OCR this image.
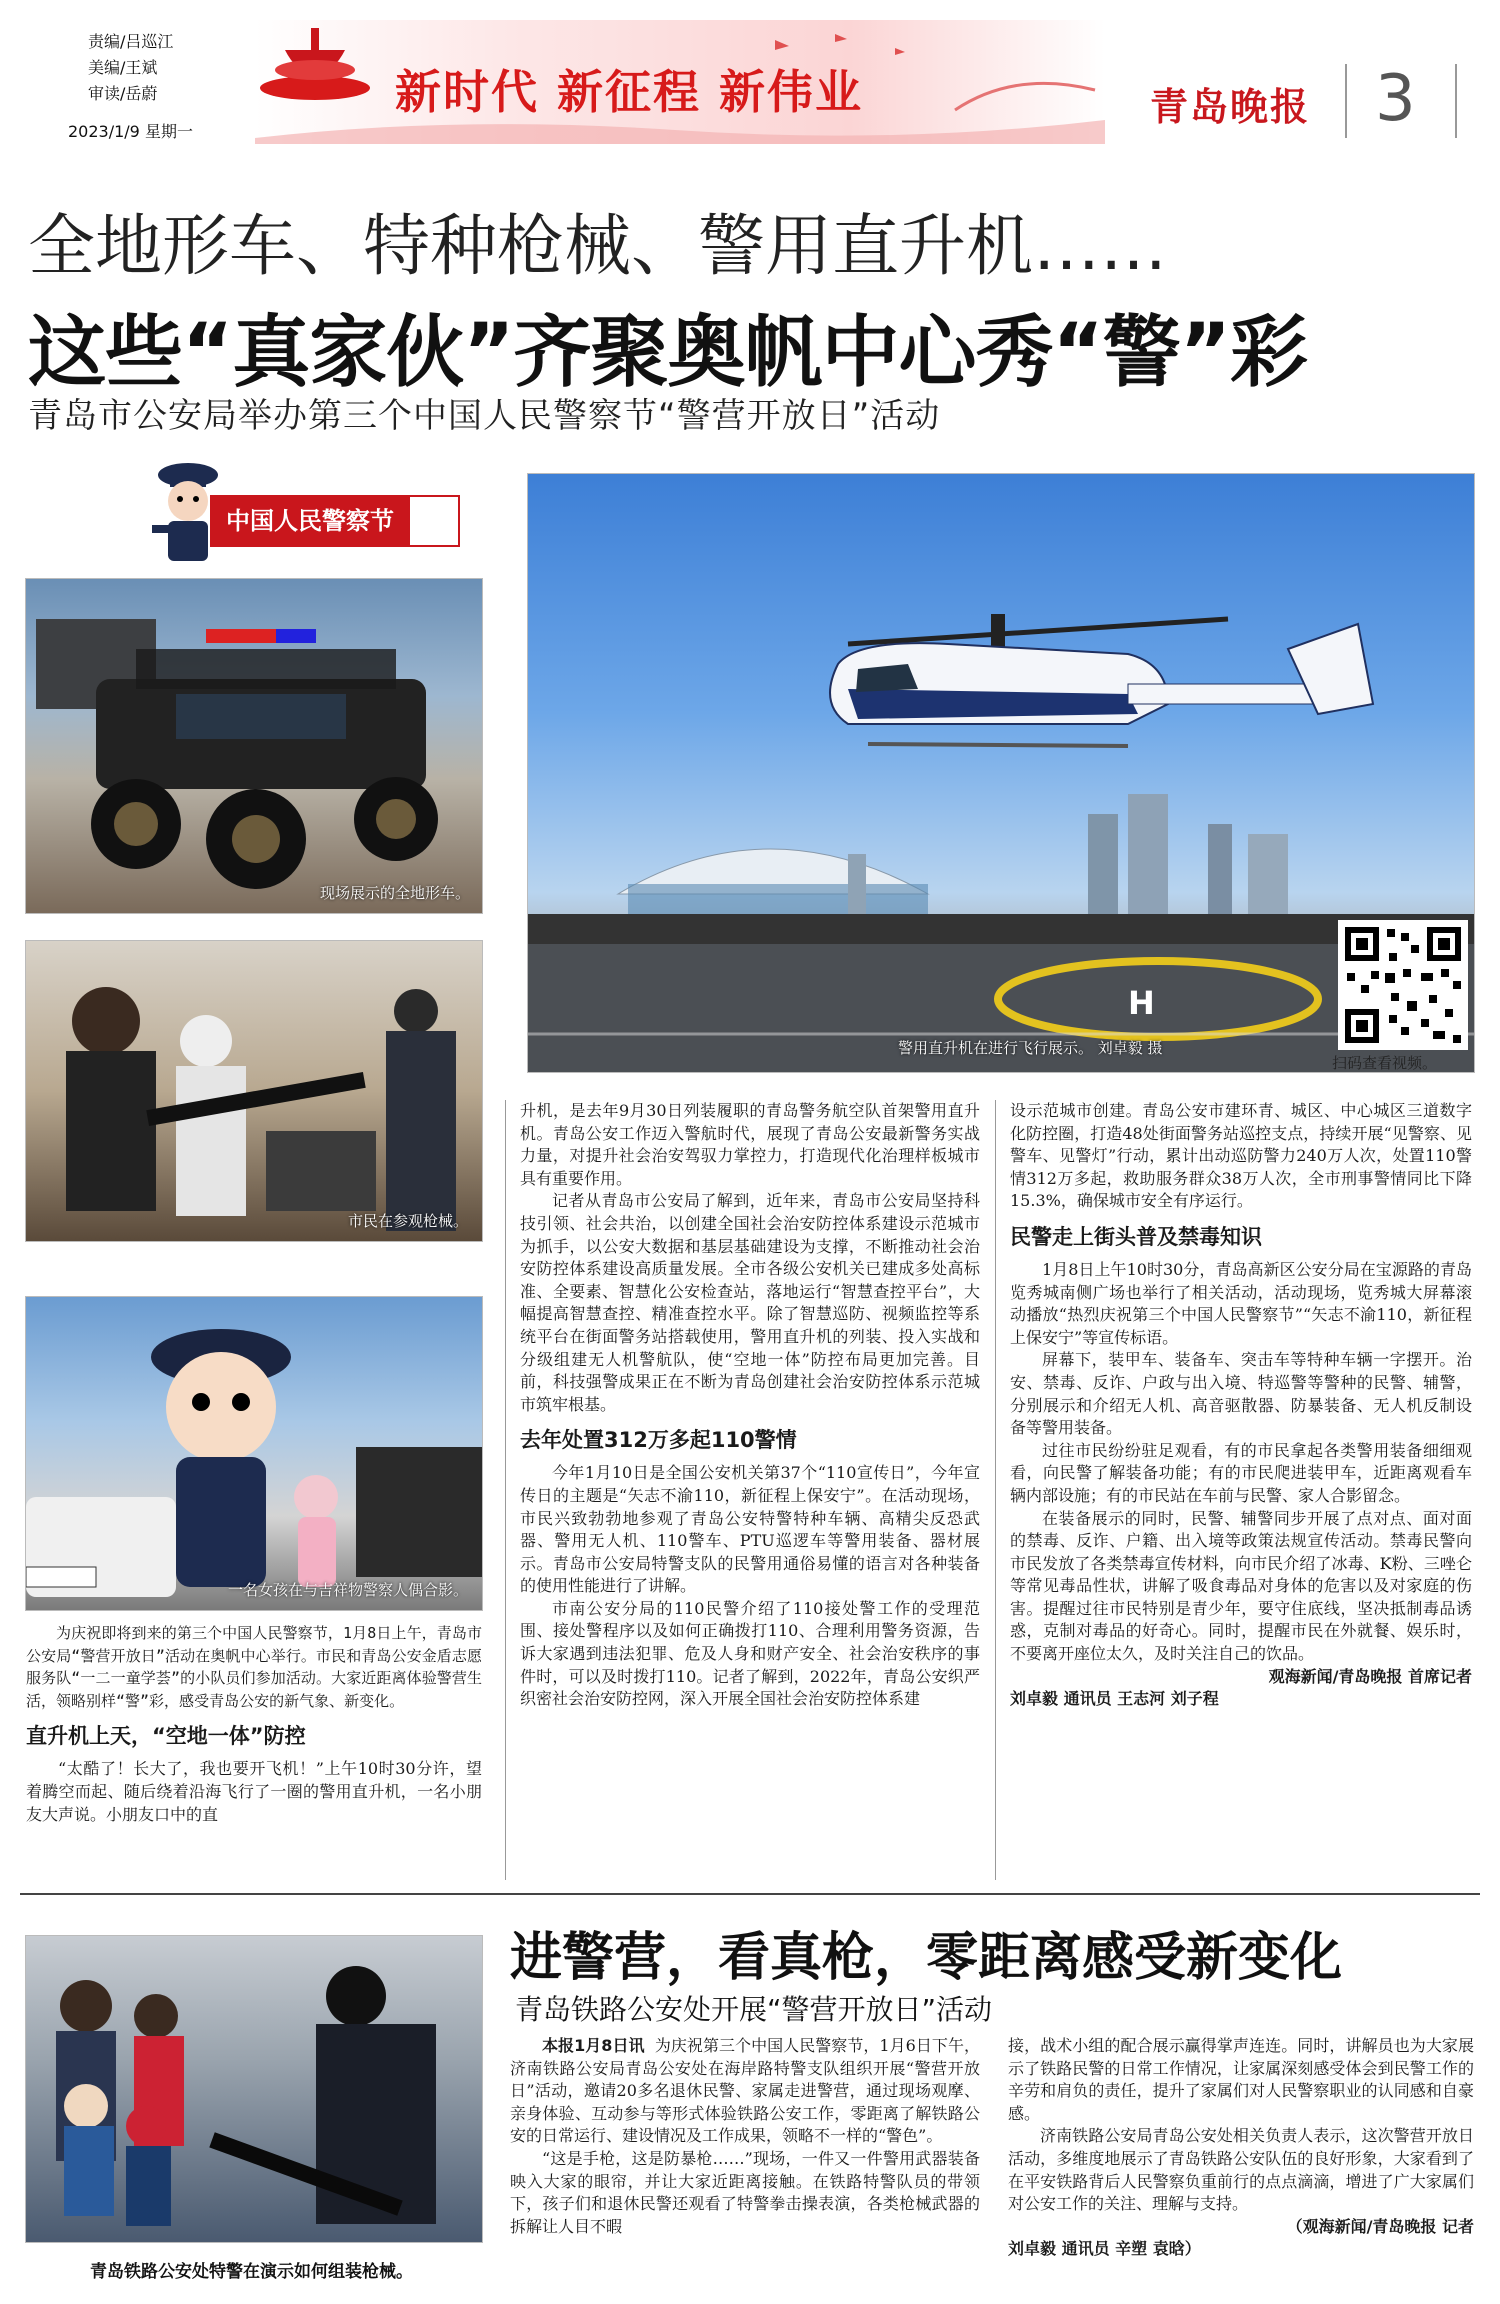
责编/吕巡江
美编/王斌
审读/岳蔚
2023/1/9 星期一
新时代 新征程 新伟业	青岛晚报 3
全地形车、特种枪械、警用直升机……
这些“真家伙”齐聚奥帆中心秀“警”彩
青岛市公安局举办第三个中国人民警察节“警营开放日”活动
中国人民警察节
现场展示的全地形车。
市民在参观枪械。
一名女孩在与吉祥物警察人偶合影。
H
警用直升机在进行飞行展示。 刘卓毅 摄
扫码查看视频。

为庆祝即将到来的第三个中国人民警察节，1月8日上午，青岛市公安局“警营开放日”活动在奥帆中心举行。市民和青岛公安金盾志愿服务队“一二一童学荟”的小队员们参加活动。大家近距离体验警营生活，领略别样“警”彩，感受青岛公安的新气象、新变化。

直升机上天，“空地一体”防控

“太酷了！长大了，我也要开飞机！”上午10时30分许，望着腾空而起、随后绕着沿海飞行了一圈的警用直升机，一名小朋友大声说。小朋友口中的直

升机，是去年9月30日列装履职的青岛警务航空队首架警用直升机。青岛公安工作迈入警航时代，展现了青岛公安最新警务实战力量，对提升社会治安驾驭力掌控力，打造现代化治理样板城市具有重要作用。

记者从青岛市公安局了解到，近年来，青岛市公安局坚持科技引领、社会共治，以创建全国社会治安防控体系建设示范城市为抓手，以公安大数据和基层基础建设为支撑，不断推动社会治安防控体系建设高质量发展。全市各级公安机关已建成多处高标准、全要素、智慧化公安检查站，落地运行“智慧查控平台”，大幅提高智慧查控、精准查控水平。除了智慧巡防、视频监控等系统平台在街面警务站搭载使用，警用直升机的列装、投入实战和分级组建无人机警航队，使“空地一体”防控布局更加完善。目前，科技强警成果正在不断为青岛创建社会治安防控体系示范城市筑牢根基。

去年处置312万多起110警情

今年1月10日是全国公安机关第37个“110宣传日”，今年宣传日的主题是“矢志不渝110，新征程上保安宁”。在活动现场，市民兴致勃勃地参观了青岛公安特警特种车辆、高精尖反恐武器、警用无人机、110警车、PTU巡逻车等警用装备、器材展示。青岛市公安局特警支队的民警用通俗易懂的语言对各种装备的使用性能进行了讲解。

市南公安分局的110民警介绍了110接处警工作的受理范围、接处警程序以及如何正确拨打110、合理利用警务资源，告诉大家遇到违法犯罪、危及人身和财产安全、社会治安秩序的事件时，可以及时拨打110。记者了解到，2022年，青岛公安织严织密社会治安防控网，深入开展全国社会治安防控体系建

设示范城市创建。青岛公安市建环青、城区、中心城区三道数字化防控圈，打造48处街面警务站巡控支点，持续开展“见警察、见警车、见警灯”行动，累计出动巡防警力240万人次，处置110警情312万多起，救助服务群众38万人次，全市刑事警情同比下降15.3%，确保城市安全有序运行。

民警走上街头普及禁毒知识

1月8日上午10时30分，青岛高新区公安分局在宝源路的青岛览秀城南侧广场也举行了相关活动，活动现场，览秀城大屏幕滚动播放“热烈庆祝第三个中国人民警察节”“矢志不渝110，新征程上保安宁”等宣传标语。

屏幕下，装甲车、装备车、突击车等特种车辆一字摆开。治安、禁毒、反诈、户政与出入境、特巡警等警种的民警、辅警，分别展示和介绍无人机、高音驱散器、防暴装备、无人机反制设备等警用装备。

过往市民纷纷驻足观看，有的市民拿起各类警用装备细细观看，向民警了解装备功能；有的市民爬进装甲车，近距离观看车辆内部设施；有的市民站在车前与民警、家人合影留念。

在装备展示的同时，民警、辅警同步开展了点对点、面对面的禁毒、反诈、户籍、出入境等政策法规宣传活动。禁毒民警向市民发放了各类禁毒宣传材料，向市民介绍了冰毒、K粉、三唑仑等常见毒品性状，讲解了吸食毒品对身体的危害以及对家庭的伤害。提醒过往市民特别是青少年，要守住底线，坚决抵制毒品诱惑，克制对毒品的好奇心。同时，提醒市民在外就餐、娱乐时，不要离开座位太久，及时关注自己的饮品。

观海新闻/青岛晚报 首席记者
刘卓毅 通讯员 王志河 刘子程
青岛铁路公安处特警在演示如何组装枪械。
进警营，看真枪，零距离感受新变化
青岛铁路公安处开展“警营开放日”活动

本报1月8日讯 为庆祝第三个中国人民警察节，1月6日下午，济南铁路公安局青岛公安处在海岸路特警支队组织开展“警营开放日”活动，邀请20多名退休民警、家属走进警营，通过现场观摩、亲身体验、互动参与等形式体验铁路公安工作，零距离了解铁路公安的日常运行、建设情况及工作成果，领略不一样的“警色”。

“这是手枪，这是防暴枪……”现场，一件又一件警用武器装备映入大家的眼帘，并让大家近距离接触。在铁路特警队员的带领下，孩子们和退休民警还观看了特警拳击操表演，各类枪械武器的拆解让人目不暇

接，战术小组的配合展示赢得掌声连连。同时，讲解员也为大家展示了铁路民警的日常工作情况，让家属深刻感受体会到民警工作的辛劳和肩负的责任，提升了家属们对人民警察职业的认同感和自豪感。

济南铁路公安局青岛公安处相关负责人表示，这次警营开放日活动，多维度地展示了青岛铁路公安队伍的良好形象，大家看到了在平安铁路背后人民警察负重前行的点点滴滴，增进了广大家属们对公安工作的关注、理解与支持。

（观海新闻/青岛晚报 记者
刘卓毅 通讯员 辛塑 袁晗）
